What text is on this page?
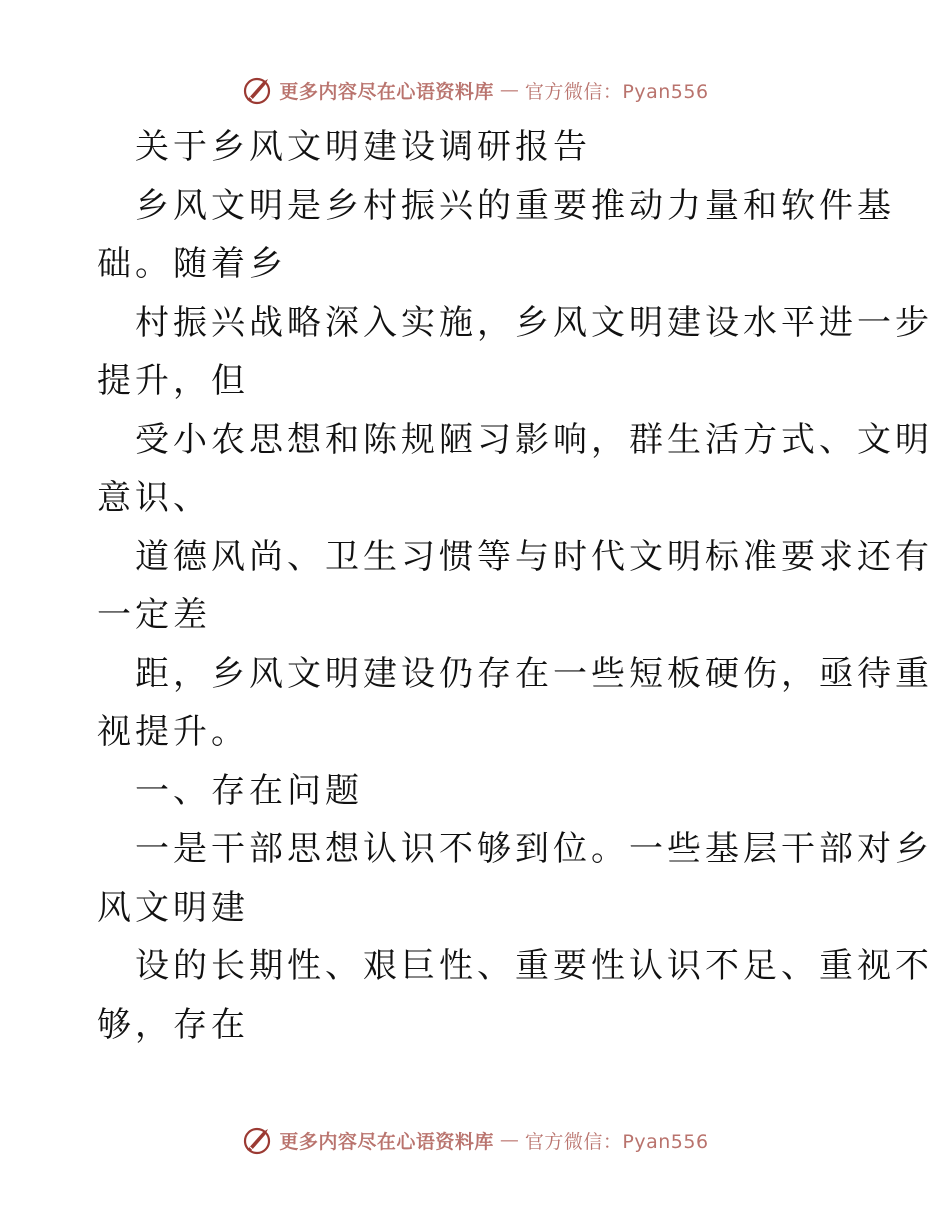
更多内容尽在心语资料库 — 官方微信：Pyan556
关于乡风文明建设调研报告
乡风文明是乡村振兴的重要推动力量和软件基
础。随着乡
村振兴战略深入实施，乡风文明建设水平进一步
提升，但
受小农思想和陈规陋习影响，群生活方式、文明
意识、
道德风尚、卫生习惯等与时代文明标准要求还有
一定差
距，乡风文明建设仍存在一些短板硬伤，亟待重
视提升。
一、存在问题
一是干部思想认识不够到位。一些基层干部对乡
风文明建
设的长期性、艰巨性、重要性认识不足、重视不
够，存在
更多内容尽在心语资料库 — 官方微信：Pyan556
